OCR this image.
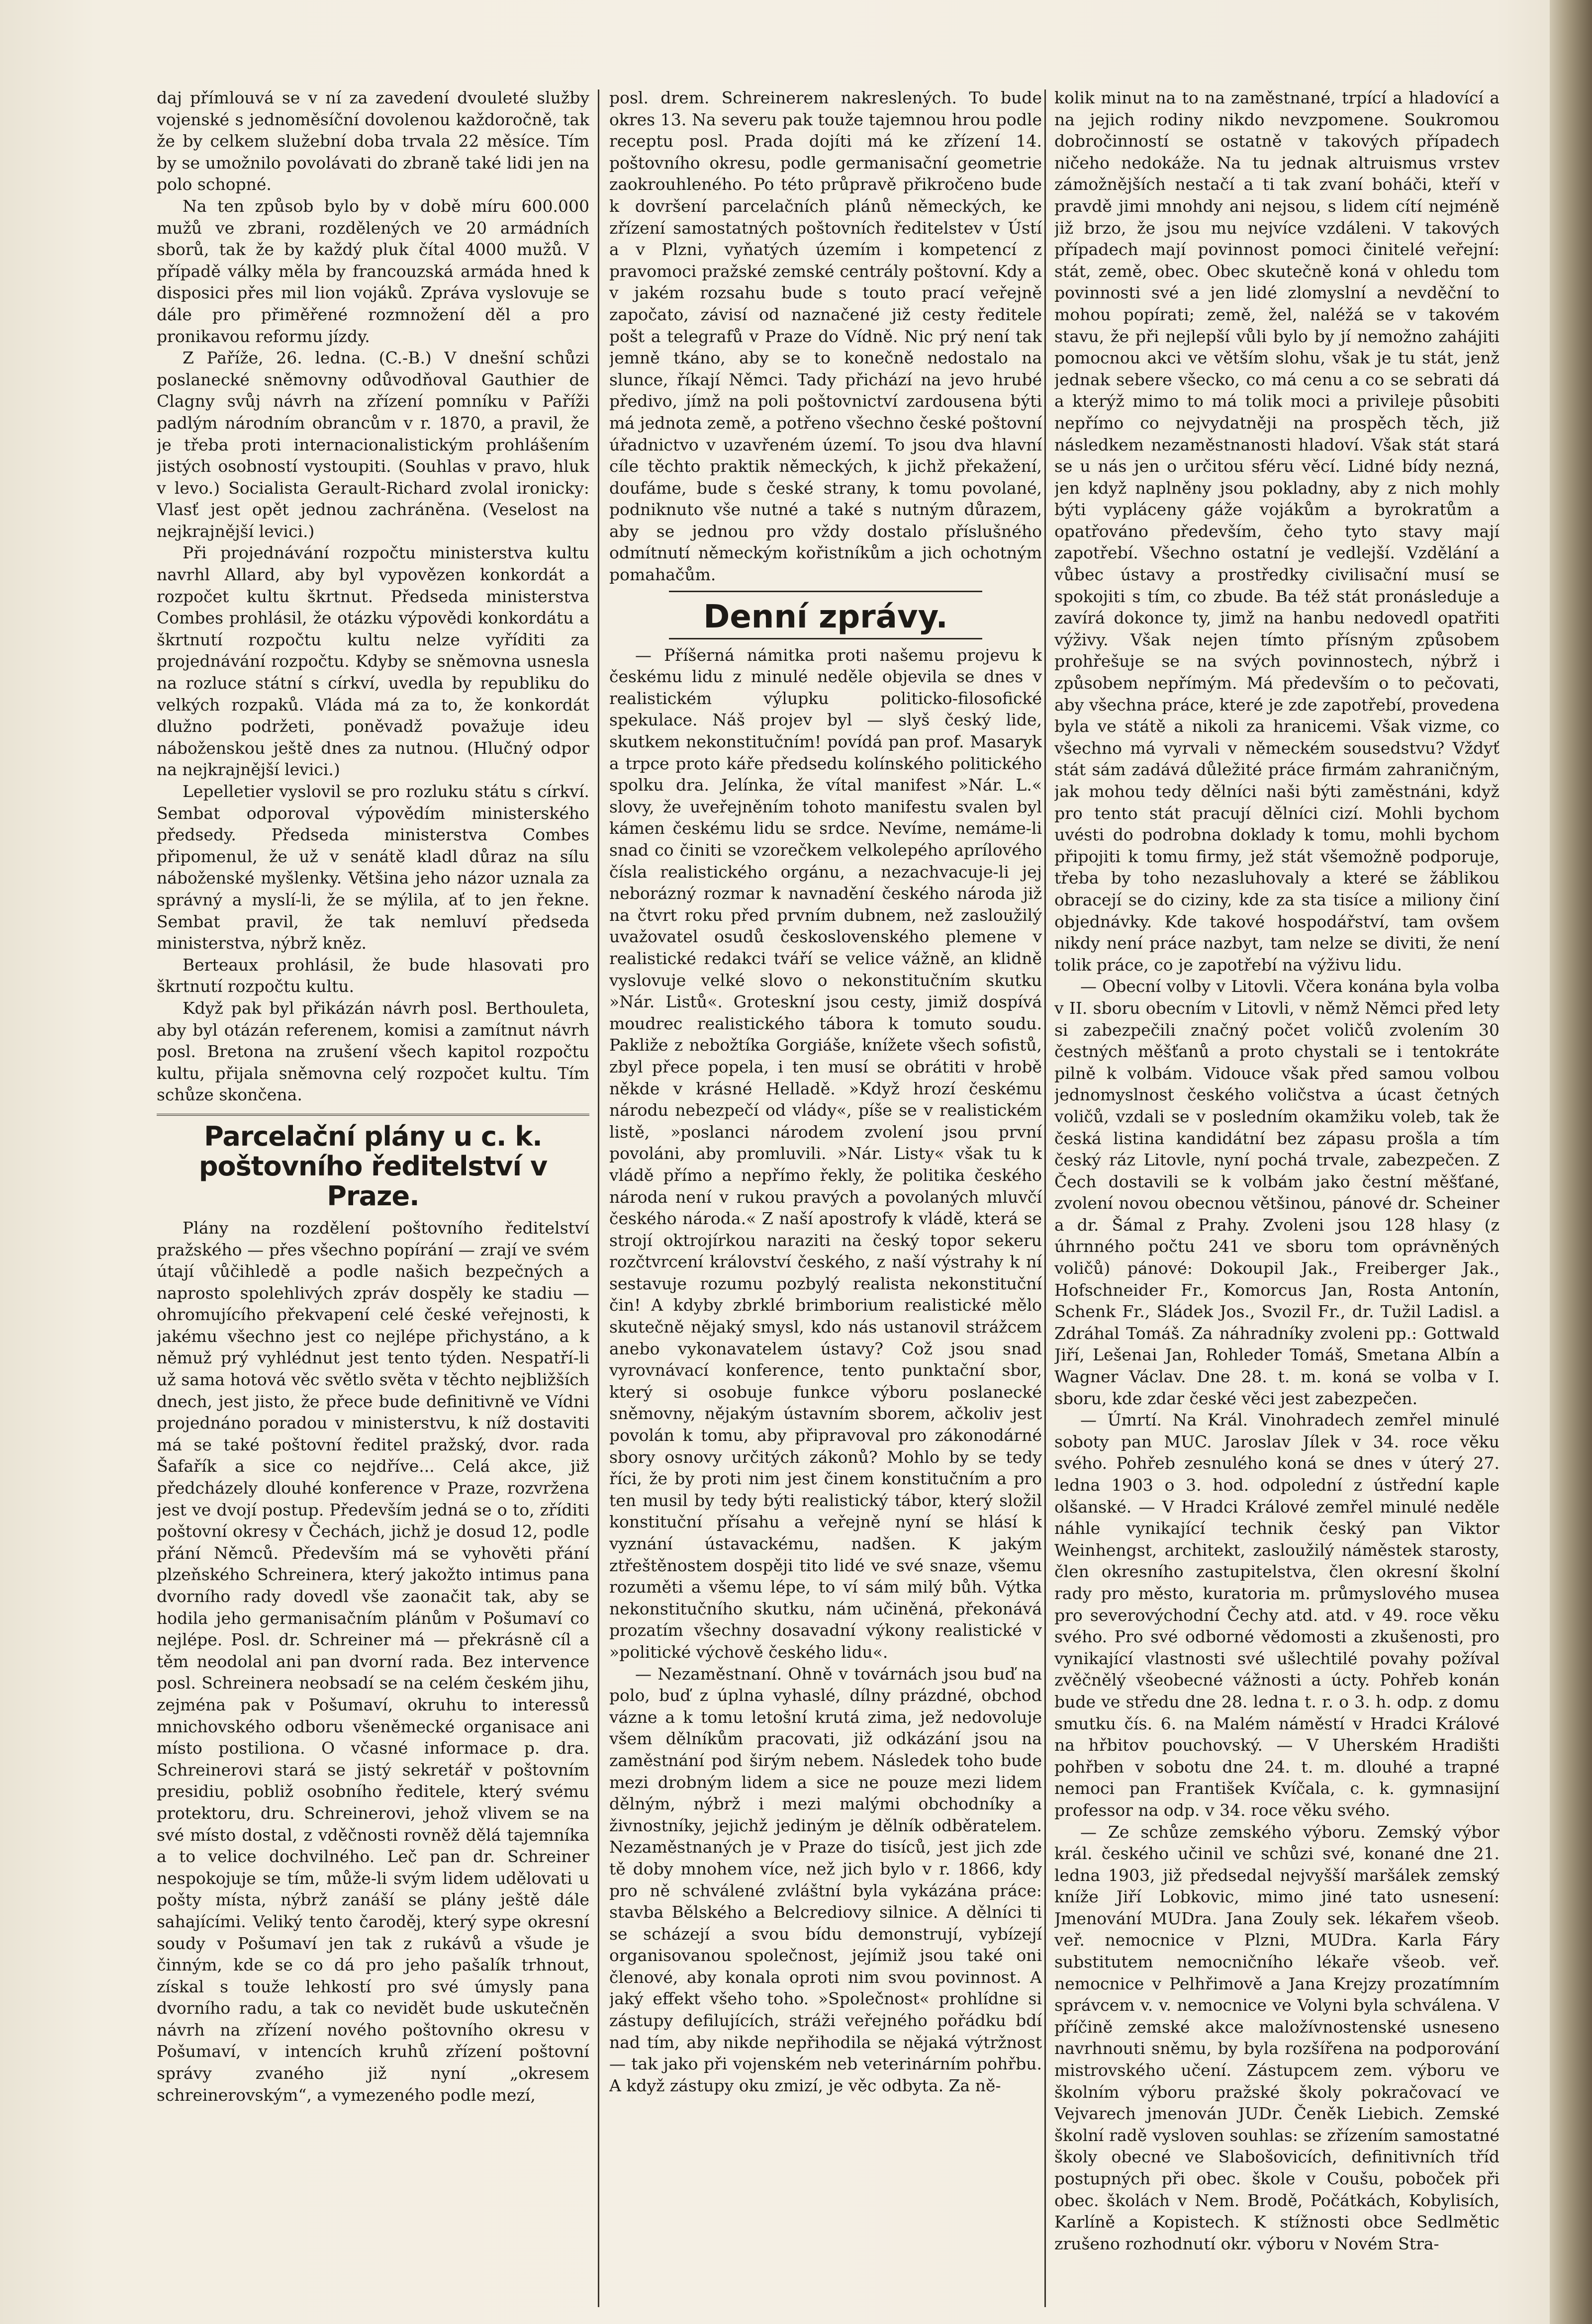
daj přímlouvá se v ní za zavedení dvouleté služby vojenské s jednoměsíční dovolenou každoročně, tak že by celkem služební doba trvala 22 měsíce. Tím by se umožnilo povolávati do zbraně také lidi jen na polo schopné.

Na ten způsob bylo by v době míru 600.000 mužů ve zbrani, rozdělených ve 20 armádních sborů, tak že by každý pluk čítal 4000 mužů. V případě války měla by francouzská armáda hned k disposici přes mil lion vojáků. Zpráva vyslovuje se dále pro přiměřené rozmnožení děl a pro pronikavou reformu jízdy.

Z Paříže, 26. ledna. (C.-B.) V dnešní schůzi poslanecké sněmovny odůvodňoval Gauthier de Clagny svůj návrh na zřízení pomníku v Paříži padlým národním obrancům v r. 1870, a pravil, že je třeba proti internacionalistickým prohlášením jistých osobností vystoupiti. (Souhlas v pravo, hluk v levo.) Socialista Gerault-Richard zvolal ironicky: Vlasť jest opět jednou zachráněna. (Veselost na nejkrajnější levici.)

Při projednávání rozpočtu ministerstva kultu navrhl Allard, aby byl vypovězen konkordát a rozpočet kultu škrtnut. Předseda ministerstva Combes prohlásil, že otázku výpovědi konkordátu a škrtnutí rozpočtu kultu nelze vyříditi za projednávání rozpočtu. Kdyby se sněmovna usnesla na rozluce státní s církví, uvedla by republiku do velkých rozpaků. Vláda má za to, že konkordát dlužno podržeti, poněvadž považuje ideu náboženskou ještě dnes za nutnou. (Hlučný odpor na nejkrajnější levici.)

Lepelletier vyslovil se pro rozluku státu s církví. Sembat odporoval výpovědím ministerského předsedy. Předseda ministerstva Combes připomenul, že už v senátě kladl důraz na sílu náboženské myšlenky. Většina jeho názor uznala za správný a myslí-li, že se mýlila, ať to jen řekne. Sembat pravil, že tak nemluví předseda ministerstva, nýbrž kněz.

Berteaux prohlásil, že bude hlasovati pro škrtnutí rozpočtu kultu.

Když pak byl přikázán návrh posl. Berthouleta, aby byl otázán referenem, komisi a zamítnut návrh posl. Bretona na zrušení všech kapitol rozpočtu kultu, přijala sněmovna celý rozpočet kultu. Tím schůze skončena.

Parcelační plány u c. k. poštovního ředitelství v Praze.

Plány na rozdělení poštovního ředitelství pražského — přes všechno popírání — zrají ve svém útají vůčihledě a podle našich bezpečných a naprosto spolehlivých zpráv dospěly ke stadiu — ohromujícího překvapení celé české veřejnosti, k jakému všechno jest co nejlépe přichystáno, a k němuž prý vyhlédnut jest tento týden. Nespatří-li už sama hotová věc světlo světa v těchto nejbližších dnech, jest jisto, že přece bude definitivně ve Vídni projednáno poradou v ministerstvu, k níž dostaviti má se také poštovní ředitel pražský, dvor. rada Šafařík a sice co nejdříve... Celá akce, již předcházely dlouhé konference v Praze, rozvržena jest ve dvojí postup. Především jedná se o to, zříditi poštovní okresy v Čechách, jichž je dosud 12, podle přání Němců. Především má se vyhověti přání plzeňského Schreinera, který jakožto intimus pana dvorního rady dovedl vše zaonačit tak, aby se hodila jeho germanisačním plánům v Pošumaví co nejlépe. Posl. dr. Schreiner má — překrásně cíl a těm neodolal ani pan dvorní rada. Bez intervence posl. Schreinera neobsadí se na celém českém jihu, zejména pak v Pošumaví, okruhu to interessů mnichovského odboru všeněmecké organisace ani místo postiliona. O včasné informace p. dra. Schreinerovi stará se jistý sekretář v poštovním presidiu, pobliž osobního ředitele, který svému protektoru, dru. Schreinerovi, jehož vlivem se na své místo dostal, z vděčnosti rovněž dělá tajemníka a to velice dochvilného. Leč pan dr. Schreiner nespokojuje se tím, může-li svým lidem udělovati u pošty místa, nýbrž zanáší se plány ještě dále sahajícími. Veliký tento čaroděj, který sype okresní soudy v Pošumaví jen tak z rukávů a všude je činným, kde se co dá pro jeho pašalík trhnout, získal s touže lehkostí pro své úmysly pana dvorního radu, a tak co nevidět bude uskutečněn návrh na zřízení nového poštovního okresu v Pošumaví, v intencích kruhů zřízení poštovní správy zvaného již nyní „okresem schreinerovským“, a vymezeného podle mezí,

posl. drem. Schreinerem nakreslených. To bude okres 13. Na severu pak touže tajemnou hrou podle receptu posl. Prada dojíti má ke zřízení 14. poštovního okresu, podle germanisační geometrie zaokrouhleného. Po této průpravě přikročeno bude k dovršení parcelačních plánů německých, ke zřízení samostatných poštovních ředitelstev v Ústí a v Plzni, vyňatých územím i kompetencí z pravomoci pražské zemské centrály poštovní. Kdy a v jakém rozsahu bude s touto prací veřejně započato, závisí od naznačené již cesty ředitele pošt a telegrafů v Praze do Vídně. Nic prý není tak jemně tkáno, aby se to konečně nedostalo na slunce, říkají Němci. Tady přichází na jevo hrubé předivo, jímž na poli poštovnictví zardousena býti má jednota země, a potřeno všechno české poštovní úřadnictvo v uzavřeném území. To jsou dva hlavní cíle těchto praktik německých, k jichž překažení, doufáme, bude s české strany, k tomu povolané, podniknuto vše nutné a také s nutným důrazem, aby se jednou pro vždy dostalo příslušného odmítnutí německým kořistníkům a jich ochotným pomahačům.

Denní zprávy.

— Příšerná námitka proti našemu projevu k českému lidu z minulé neděle objevila se dnes v realistickém výlupku politicko-filosofické spekulace. Náš projev byl — slyš český lide, skutkem nekonstitučním! povídá pan prof. Masaryk a trpce proto káře předsedu kolínského politického spolku dra. Jelínka, že vítal manifest »Nár. L.« slovy, že uveřejněním tohoto manifestu svalen byl kámen českému lidu se srdce. Nevíme, nemáme-li snad co činiti se vzorečkem velkolepého aprílového čísla realistického orgánu, a nezachvacuje-li jej neborázný rozmar k navnadění českého národa již na čtvrt roku před prvním dubnem, než zasloužilý uvažovatel osudů československého plemene v realistické redakci tváří se velice vážně, an klidně vyslovuje velké slovo o nekonstitučním skutku »Nár. Listů«. Groteskní jsou cesty, jimiž dospívá moudrec realistického tábora k tomuto soudu. Pakliže z nebožtíka Gorgiáše, knížete všech sofistů, zbyl přece popela, i ten musí se obrátiti v hrobě někde v krásné Helladě. »Když hrozí českému národu nebezpečí od vlády«, píše se v realistickém listě, »poslanci národem zvolení jsou první povoláni, aby promluvili. »Nár. Listy« však tu k vládě přímo a nepřímo řekly, že politika českého národa není v rukou pravých a povolaných mluvčí českého národa.« Z naší apostrofy k vládě, která se strojí oktrojírkou naraziti na český topor sekeru rozčtvrcení království českého, z naší výstrahy k ní sestavuje rozumu pozbylý realista nekonstituční čin! A kdyby zbrklé brimborium realistické mělo skutečně nějaký smysl, kdo nás ustanovil strážcem anebo vykonavatelem ústavy? Což jsou snad vyrovnávací konference, tento punktační sbor, který si osobuje funkce výboru poslanecké sněmovny, nějakým ústavním sborem, ačkoliv jest povolán k tomu, aby připravoval pro zákonodárné sbory osnovy určitých zákonů? Mohlo by se tedy říci, že by proti nim jest činem konstitučním a pro ten musil by tedy býti realistický tábor, který složil konstituční přísahu a veřejně nyní se hlásí k vyznání ústavackému, nadšen. K jakým ztřeštěnostem dospěji tito lidé ve své snaze, všemu rozuměti a všemu lépe, to ví sám milý bůh. Výtka nekonstitučního skutku, nám učiněná, překonává prozatím všechny dosavadní výkony realistické v »politické výchově českého lidu«.

— Nezaměstnaní. Ohně v továrnách jsou buď na polo, buď z úplna vyhaslé, dílny prázdné, obchod vázne a k tomu letošní krutá zima, jež nedovoluje všem dělníkům pracovati, již odkázání jsou na zaměstnání pod širým nebem. Následek toho bude mezi drobným lidem a sice ne pouze mezi lidem dělným, nýbrž i mezi malými obchodníky a živnostníky, jejichž jediným je dělník odběratelem. Nezaměstnaných je v Praze do tisíců, jest jich zde tě doby mnohem více, než jich bylo v r. 1866, kdy pro ně schválené zvláštní byla vykázána práce: stavba Bělského a Belcrediovy silnice. A dělníci ti se scházejí a svou bídu demonstrují, vybízejí organisovanou společnost, jejímiž jsou také oni členové, aby konala oproti nim svou povinnost. A jaký effekt všeho toho. »Společnost« prohlídne si zástupy defilujících, stráži veřejného pořádku bdí nad tím, aby nikde nepřihodila se nějaká výtržnost — tak jako při vojenském neb veterinárním pohřbu. A když zástupy oku zmizí, je věc odbyta. Za ně-

kolik minut na to na zaměstnané, trpící a hladovící a na jejich rodiny nikdo nevzpomene. Soukromou dobročinností se ostatně v takových případech ničeho nedokáže. Na tu jednak altruismus vrstev zámožnějších nestačí a ti tak zvaní boháči, kteří v pravdě jimi mnohdy ani nejsou, s lidem cítí nejméně již brzo, že jsou mu nejvíce vzdáleni. V takových případech mají povinnost pomoci činitelé veřejní: stát, země, obec. Obec skutečně koná v ohledu tom povinnosti své a jen lidé zlomyslní a nevděční to mohou popírati; země, žel, naléžá se v takovém stavu, že při nejlepší vůli bylo by jí nemožno zahájiti pomocnou akci ve větším slohu, však je tu stát, jenž jednak sebere všecko, co má cenu a co se sebrati dá a kterýž mimo to má tolik moci a privileje působiti nepřímo co nejvydatněji na prospěch těch, již následkem nezaměstnanosti hladoví. Však stát stará se u nás jen o určitou sféru věcí. Lidné bídy nezná, jen když naplněny jsou pokladny, aby z nich mohly býti vypláceny gáže vojákům a byrokratům a opatřováno především, čeho tyto stavy mají zapotřebí. Všechno ostatní je vedlejší. Vzdělání a vůbec ústavy a prostředky civilisační musí se spokojiti s tím, co zbude. Ba též stát pronásleduje a zavírá dokonce ty, jimž na hanbu nedovedl opatřiti výživy. Však nejen tímto přísným způsobem prohřešuje se na svých povinnostech, nýbrž i způsobem nepřímým. Má především o to pečovati, aby všechna práce, které je zde zapotřebí, provedena byla ve státě a nikoli za hranicemi. Však vizme, co všechno má vyrvali v německém sousedstvu? Vždyť stát sám zadává důležité práce firmám zahraničným, jak mohou tedy dělníci naši býti zaměstnáni, když pro tento stát pracují dělníci cizí. Mohli bychom uvésti do podrobna doklady k tomu, mohli bychom připojiti k tomu firmy, jež stát všemožně podporuje, třeba by toho nezasluhovaly a které se žáblikou obracejí se do ciziny, kde za sta tisíce a miliony činí objednávky. Kde takové hospodářství, tam ovšem nikdy není práce nazbyt, tam nelze se diviti, že není tolik práce, co je zapotřebí na výživu lidu.

— Obecní volby v Litovli. Včera konána byla volba v II. sboru obecním v Litovli, v němž Němci před lety si zabezpečili značný počet voličů zvolením 30 čestných měšťanů a proto chystali se i tentokráte pilně k volbám. Vidouce však před samou volbou jednomyslnost českého voličstva a úcast četných voličů, vzdali se v posledním okamžiku voleb, tak že česká listina kandidátní bez zápasu prošla a tím český ráz Litovle, nyní pochá trvale, zabezpečen. Z Čech dostavili se k volbám jako čestní měšťané, zvolení novou obecnou většinou, pánové dr. Scheiner a dr. Šámal z Prahy. Zvoleni jsou 128 hlasy (z úhrnného počtu 241 ve sboru tom oprávněných voličů) pánové: Dokoupil Jak., Freiberger Jak., Hofschneider Fr., Komorcus Jan, Rosta Antonín, Schenk Fr., Sládek Jos., Svozil Fr., dr. Tužil Ladisl. a Zdráhal Tomáš. Za náhradníky zvoleni pp.: Gottwald Jiří, Lešenai Jan, Rohleder Tomáš, Smetana Albín a Wagner Václav. Dne 28. t. m. koná se volba v I. sboru, kde zdar české věci jest zabezpečen.

— Úmrtí. Na Král. Vinohradech zemřel minulé soboty pan MUC. Jaroslav Jílek v 34. roce věku svého. Pohřeb zesnulého koná se dnes v úterý 27. ledna 1903 o 3. hod. odpolední z ústřední kaple olšanské. — V Hradci Králové zemřel minulé neděle náhle vynikající technik český pan Viktor Weinhengst, architekt, zasloužilý náměstek starosty, člen okresního zastupitelstva, člen okresní školní rady pro město, kuratoria m. průmyslového musea pro severovýchodní Čechy atd. atd. v 49. roce věku svého. Pro své odborné vědomosti a zkušenosti, pro vynikající vlastnosti své ušlechtilé povahy požíval zvěčnělý všeobecné vážnosti a úcty. Pohřeb konán bude ve středu dne 28. ledna t. r. o 3. h. odp. z domu smutku čís. 6. na Malém náměstí v Hradci Králové na hřbitov pouchovský. — V Uherském Hradišti pohřben v sobotu dne 24. t. m. dlouhé a trapné nemoci pan František Kvíčala, c. k. gymnasijní professor na odp. v 34. roce věku svého.

— Ze schůze zemského výboru. Zemský výbor král. českého učinil ve schůzi své, konané dne 21. ledna 1903, již předsedal nejvyšší maršálek zemský kníže Jiří Lobkovic, mimo jiné tato usnesení: Jmenování MUDra. Jana Zouly sek. lékařem všeob. veř. nemocnice v Plzni, MUDra. Karla Fáry substitutem nemocničního lékaře všeob. veř. nemocnice v Pelhřimově a Jana Krejzy prozatímním správcem v. v. nemocnice ve Volyni byla schválena. V příčině zemské akce maložívnostenské usneseno navrhnouti sněmu, by byla rozšířena na podporování mistrovského učení. Zástupcem zem. výboru ve školním výboru pražské školy pokračovací ve Vejvarech jmenován JUDr. Čeněk Liebich. Zemské školní radě vysloven souhlas: se zřízením samostatné školy obecné ve Slabošovicích, definitivních tříd postupných při obec. škole v Coušu, poboček při obec. školách v Nem. Brodě, Počátkách, Kobylisích, Karlíně a Kopistech. K stížnosti obce Sedlmětic zrušeno rozhodnutí okr. výboru v Novém Stra-
